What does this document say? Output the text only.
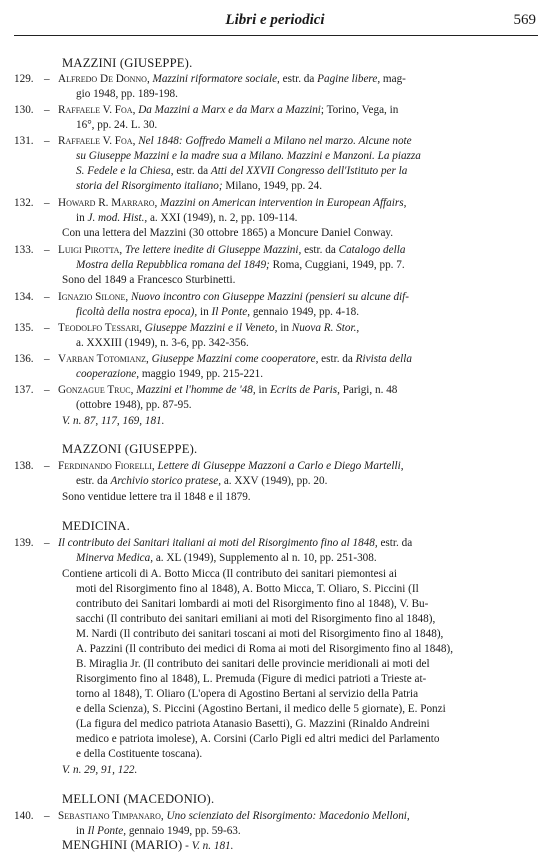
Libri e periodici	569
MAZZINI (GIUSEPPE).
129. – Alfredo De Donno, Mazzini riformatore sociale, estr. da Pagine libere, mag-
gio 1948, pp. 189-198.
130. – Raffaele V. Foa, Da Mazzini a Marx e da Marx a Mazzini; Torino, Vega, in
16°, pp. 24. L. 30.
131. – Raffaele V. Foa, Nel 1848: Goffredo Mameli a Milano nel marzo. Alcune note
su Giuseppe Mazzini e la madre sua a Milano. Mazzini e Manzoni. La piazza
S. Fedele e la Chiesa, estr. da Atti del XXVII Congresso dell'Istituto per la
storia del Risorgimento italiano; Milano, 1949, pp. 24.
132. – Howard R. Marraro, Mazzini on American intervention in European Affairs,
in J. mod. Hist., a. XXI (1949), n. 2, pp. 109-114.
Con una lettera del Mazzini (30 ottobre 1865) a Moncure Daniel Conway.
133. – Luigi Pirotta, Tre lettere inedite di Giuseppe Mazzini, estr. da Catalogo della
Mostra della Repubblica romana del 1849; Roma, Cuggiani, 1949, pp. 7.
Sono del 1849 a Francesco Sturbinetti.
134. – Ignazio Silone, Nuovo incontro con Giuseppe Mazzini (pensieri su alcune dif-
ficoltà della nostra epoca), in Il Ponte, gennaio 1949, pp. 4-18.
135. – Teodolfo Tessari, Giuseppe Mazzini e il Veneto, in Nuova R. Stor.,
a. XXXIII (1949), n. 3-6, pp. 342-356.
136. – Varban Totomianz, Giuseppe Mazzini come cooperatore, estr. da Rivista della
cooperazione, maggio 1949, pp. 215-221.
137. – Gonzague Truc, Mazzini et l'homme de '48, in Ecrits de Paris, Parigi, n. 48
(ottobre 1948), pp. 87-95.
V. n. 87, 117, 169, 181.
MAZZONI (GIUSEPPE).
138. – Ferdinando Fiorelli, Lettere di Giuseppe Mazzoni a Carlo e Diego Martelli,
estr. da Archivio storico pratese, a. XXV (1949), pp. 20.
Sono ventidue lettere tra il 1848 e il 1879.
MEDICINA.
139. – Il contributo dei Sanitari italiani ai moti del Risorgimento fino al 1848, estr. da
Minerva Medica, a. XL (1949), Supplemento al n. 10, pp. 251-308.
Contiene articoli di A. Botto Micca (Il contributo dei sanitari piemontesi ai
moti del Risorgimento fino al 1848), A. Botto Micca, T. Oliaro, S. Piccini (Il
contributo dei Sanitari lombardi ai moti del Risorgimento fino al 1848), V. Bu-
sacchi (Il contributo dei sanitari emiliani ai moti del Risorgimento fino al 1848),
M. Nardi (Il contributo dei sanitari toscani ai moti del Risorgimento fino al 1848),
A. Pazzini (Il contributo dei medici di Roma ai moti del Risorgimento fino al 1848),
B. Miraglia Jr. (Il contributo dei sanitari delle provincie meridionali ai moti del
Risorgimento fino al 1848), L. Premuda (Figure di medici patrioti a Trieste at-
torno al 1848), T. Oliaro (L'opera di Agostino Bertani al servizio della Patria
e della Scienza), S. Piccini (Agostino Bertani, il medico delle 5 giornate), E. Ponzi
(La figura del medico patriota Atanasio Basetti), G. Mazzini (Rinaldo Andreini
medico e patriota imolese), A. Corsini (Carlo Pigli ed altri medici del Parlamento
e della Costituente toscana).
V. n. 29, 91, 122.
MELLONI (MACEDONIO).
140. – Sebastiano Timpanaro, Uno scienziato del Risorgimento: Macedonio Melloni,
in Il Ponte, gennaio 1949, pp. 59-63.
MENGHINI (MARIO) - V. n. 181.
